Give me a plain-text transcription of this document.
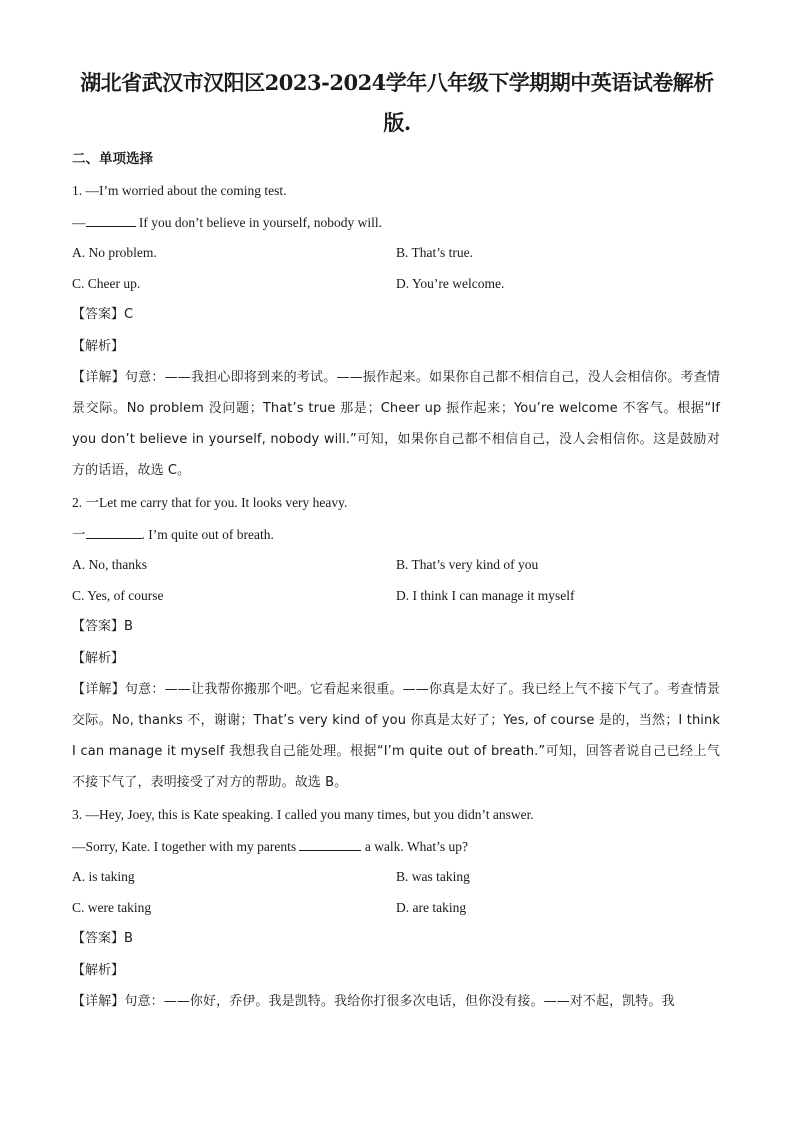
湖北省武汉市汉阳区2023-2024学年八年级下学期期中英语试卷解析
版.
二、单项选择
1. —I’m worried about the coming test.
—	If you don’t believe in yourself, nobody will.
A. No problem.	B. That’s true.
C. Cheer up.	D. You’re welcome.
【答案】C
【解析】
【详解】句意：——我担心即将到来的考试。——振作起来。如果你自己都不相信自己，没人会相信你。考查情景交际。No problem 没问题；That’s true 那是；Cheer up 振作起来；You’re welcome 不客气。根据“If you don’t believe in yourself, nobody will.”可知，如果你自己都不相信自己，没人会相信你。这是鼓励对方的话语，故选 C。
2. 一Let me carry that for you. It looks very heavy.
一	. I’m quite out of breath.
A. No, thanks	B. That’s very kind of you
C. Yes, of course	D. I think I can manage it myself
【答案】B
【解析】
【详解】句意：——让我帮你搬那个吧。它看起来很重。——你真是太好了。我已经上气不接下气了。考查情景交际。No, thanks 不，谢谢；That’s very kind of you 你真是太好了；Yes, of course 是的，当然；I think I can manage it myself 我想我自己能处理。根据“I’m quite out of breath.”可知，回答者说自己已经上气不接下气了，表明接受了对方的帮助。故选 B。
3. —Hey, Joey, this is Kate speaking. I called you many times, but you didn’t answer.
—Sorry, Kate. I together with my parents	a walk. What’s up?
A. is taking	B. was taking
C. were taking	D. are taking
【答案】B
【解析】
【详解】句意：——你好，乔伊。我是凯特。我给你打很多次电话，但你没有接。——对不起，凯特。我
